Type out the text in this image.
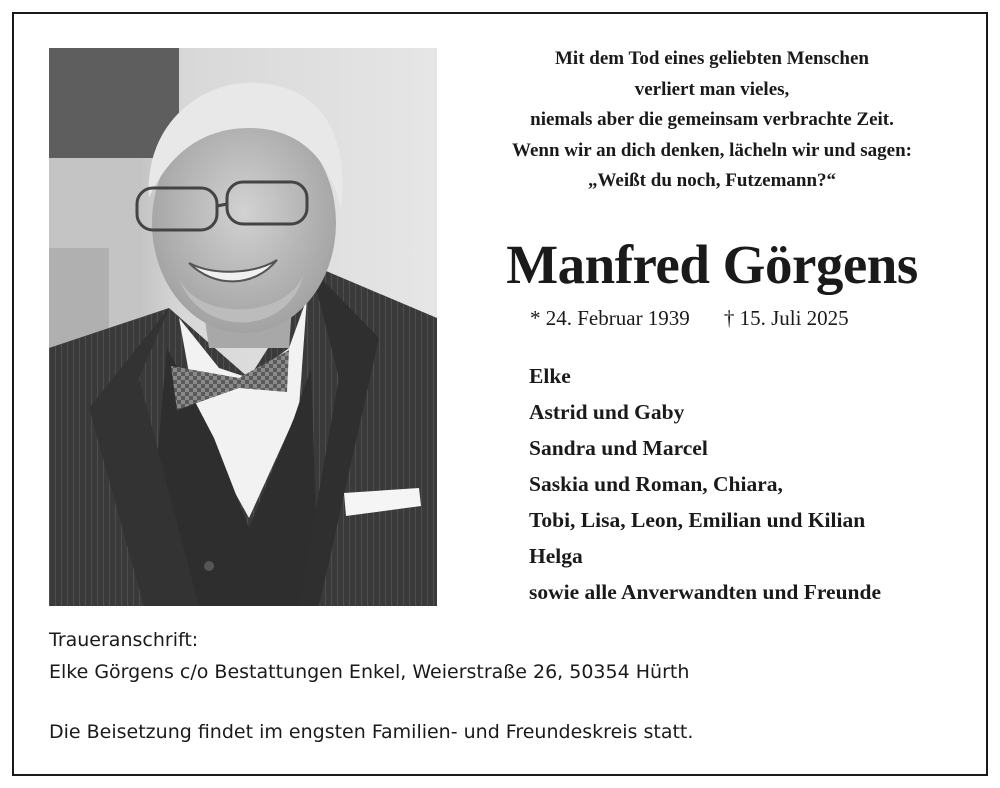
Mit dem Tod eines geliebten Menschen
verliert man vieles,
niemals aber die gemeinsam verbrachte Zeit.
Wenn wir an dich denken, lächeln wir und sagen:
„Weißt du noch, Futzemann?“
Manfred Görgens
* 24. Februar 1939 † 15. Juli 2025
Elke
Astrid und Gaby
Sandra und Marcel
Saskia und Roman, Chiara,
Tobi, Lisa, Leon, Emilian und Kilian
Helga
sowie alle Anverwandten und Freunde
Traueranschrift:
Elke Görgens c/o Bestattungen Enkel, Weierstraße 26, 50354 Hürth
Die Beisetzung findet im engsten Familien- und Freundeskreis statt.
